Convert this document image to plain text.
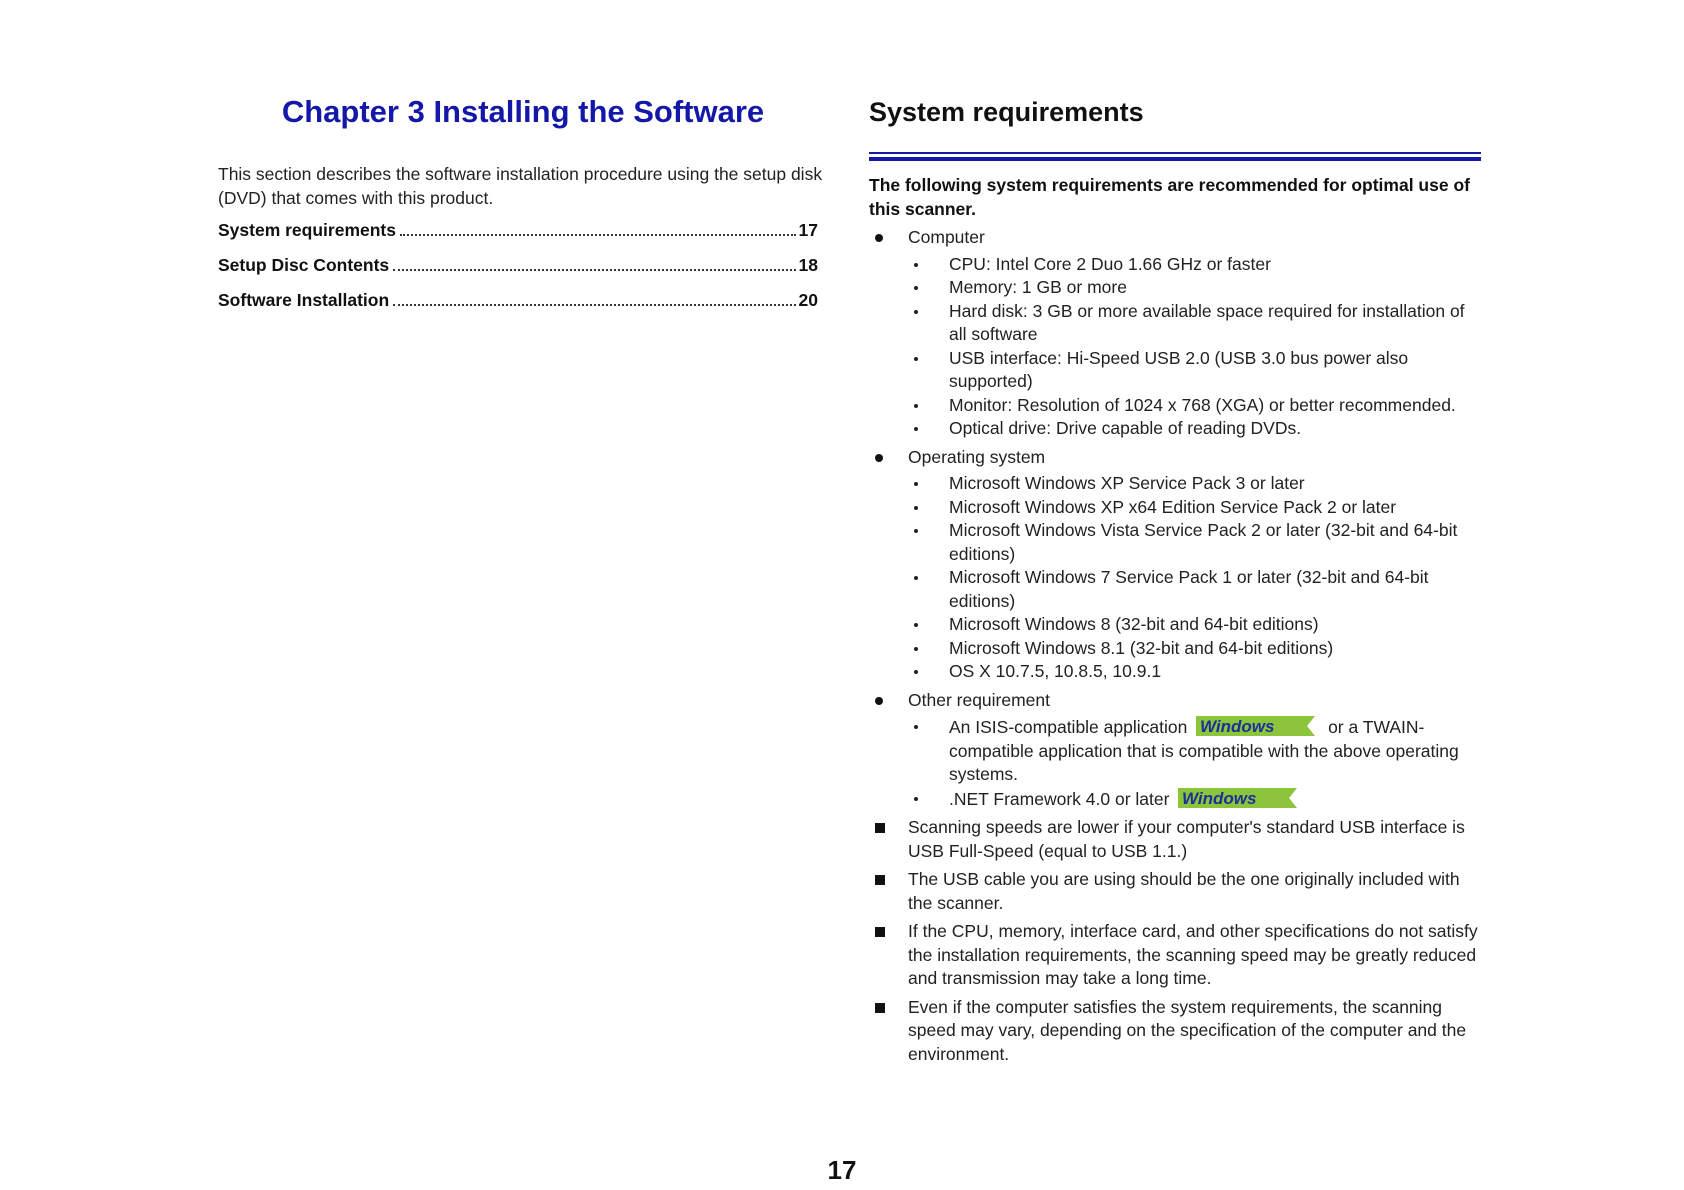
Chapter 3 Installing the Software
This section describes the software installation procedure using the setup disk (DVD) that comes with this product.
System requirements	17
Setup Disc Contents	18
Software Installation	20
System requirements
The following system requirements are recommended for optimal use of this scanner.
Computer
CPU: Intel Core 2 Duo 1.66 GHz or faster
Memory: 1 GB or more
Hard disk: 3 GB or more available space required for installation of all software
USB interface: Hi-Speed USB 2.0 (USB 3.0 bus power also supported)
Monitor: Resolution of 1024 x 768 (XGA) or better recommended.
Optical drive: Drive capable of reading DVDs.
Operating system
Microsoft Windows XP Service Pack 3 or later
Microsoft Windows XP x64 Edition Service Pack 2 or later
Microsoft Windows Vista Service Pack 2 or later (32-bit and 64-bit editions)
Microsoft Windows 7 Service Pack 1 or later (32-bit and 64-bit editions)
Microsoft Windows 8 (32-bit and 64-bit editions)
Microsoft Windows 8.1 (32-bit and 64-bit editions)
OS X 10.7.5, 10.8.5, 10.9.1
Other requirement
An ISIS-compatible application Windows	or a TWAIN-compatible application that is compatible with the above operating systems.
.NET Framework 4.0 or later Windows
Scanning speeds are lower if your computer's standard USB interface is USB Full-Speed (equal to USB 1.1.)
The USB cable you are using should be the one originally included with the scanner.
If the CPU, memory, interface card, and other specifications do not satisfy the installation requirements, the scanning speed may be greatly reduced and transmission may take a long time.
Even if the computer satisfies the system requirements, the scanning speed may vary, depending on the specification of the computer and the environment.
17
